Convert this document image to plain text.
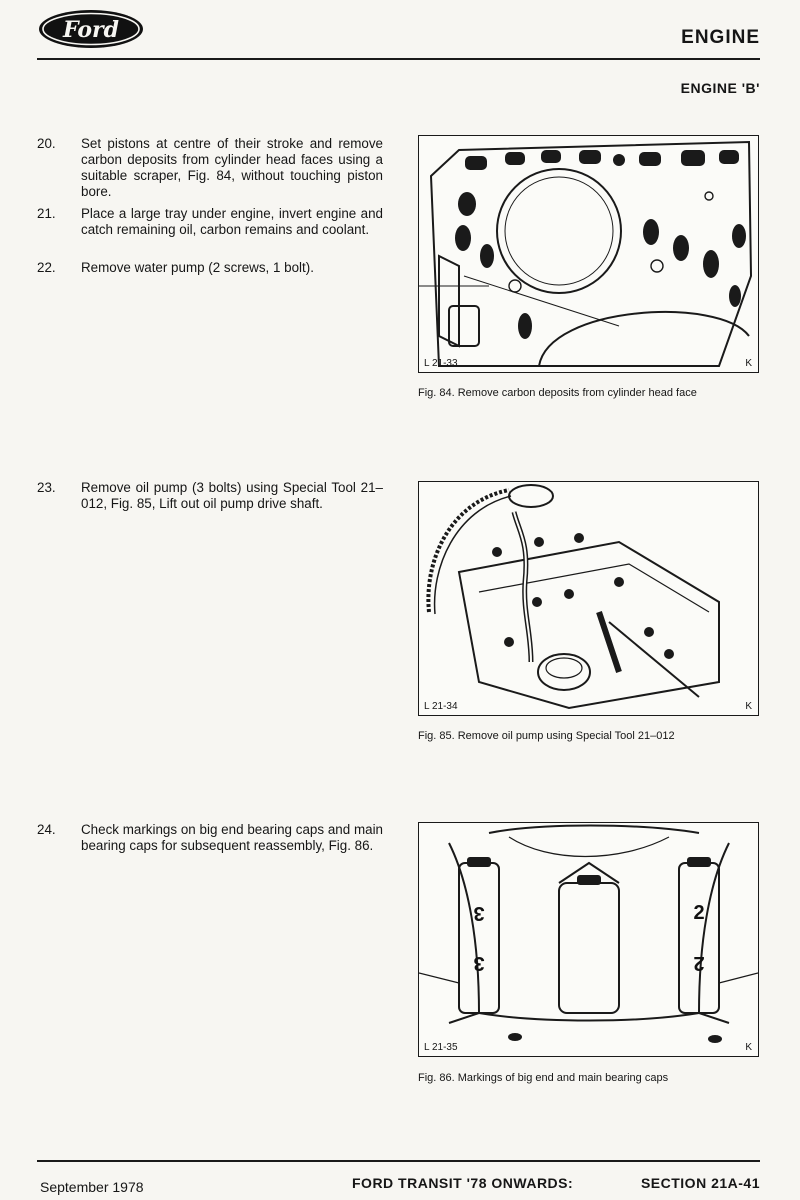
Ford	ENGINE
ENGINE 'B'
20.	Set pistons at centre of their stroke and remove carbon deposits from cylinder head faces using a suitable scraper, Fig. 84, without touching piston bore.
21.	Place a large tray under engine, invert engine and catch remaining oil, carbon remains and coolant.
22.	Remove water pump (2 screws, 1 bolt).
23.	Remove oil pump (3 bolts) using Special Tool 21–012, Fig. 85, Lift out oil pump drive shaft.
24.	Check markings on big end bearing caps and main bearing caps for subsequent reassembly, Fig. 86.
L 21-33	K
Fig. 84. Remove carbon deposits from cylinder head face
L 21-34	K
Fig. 85. Remove oil pump using Special Tool 21–012
3
3
2
2
L 21-35	K
Fig. 86. Markings of big end and main bearing caps
September 1978	FORD TRANSIT '78 ONWARDS:	SECTION 21A-41
